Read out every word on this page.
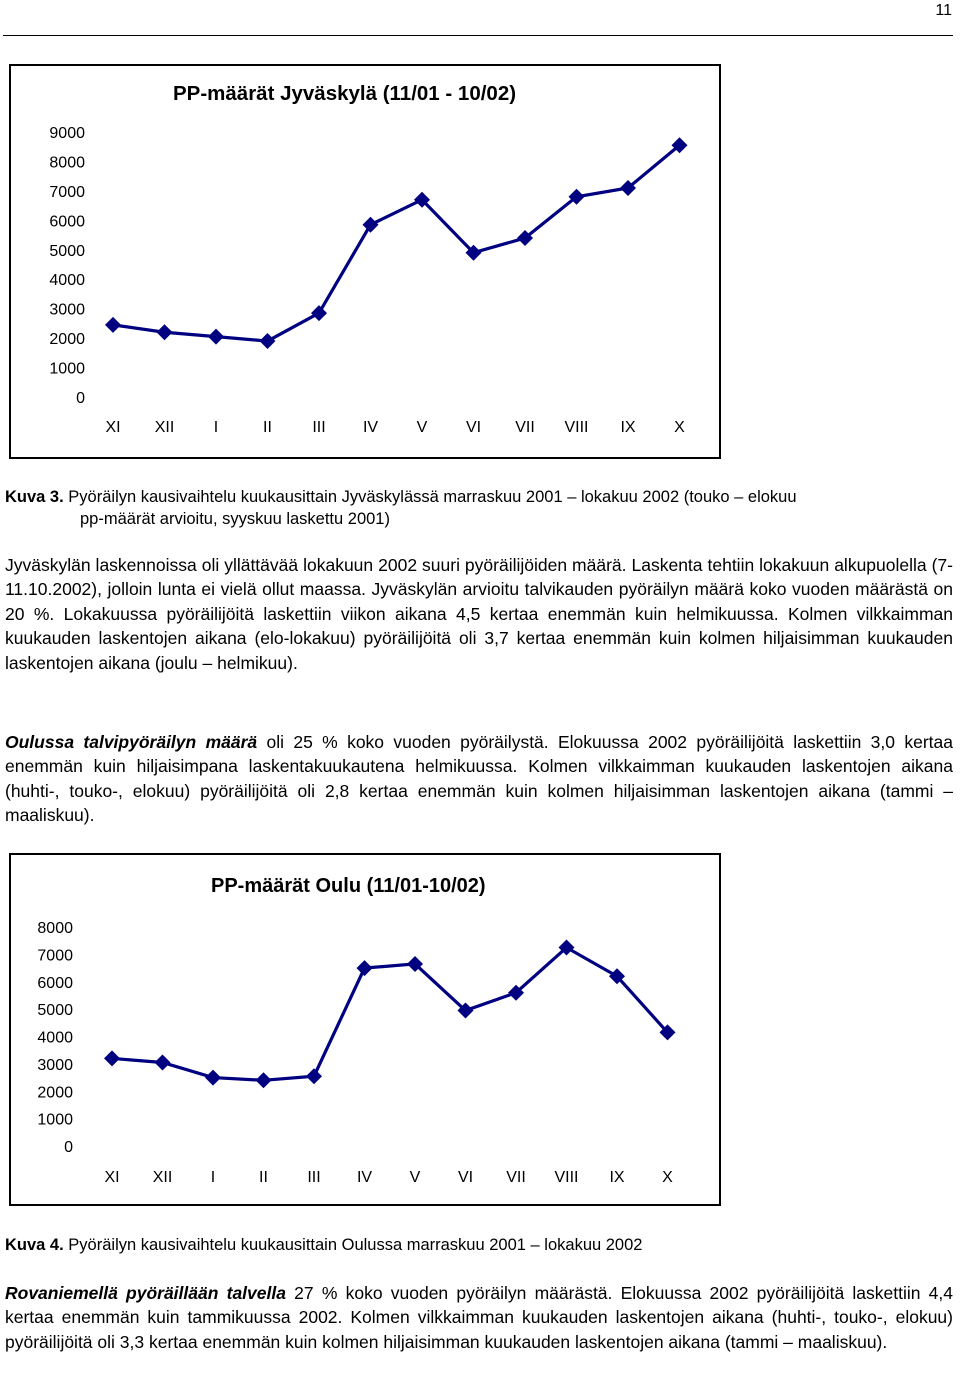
11
PP-määrät Jyväskylä (11/01 - 10/02)
0
1000
2000
3000
4000
5000
6000
7000
8000
9000
XI XII I	II	III IV V VI VII VIII IX X
Kuva 3. Pyöräilyn kausivaihtelu kuukausittain Jyväskylässä marraskuu 2001 – lokakuu 2002 (touko – elokuu
pp-määrät arvioitu, syyskuu laskettu 2001)

Jyväskylän laskennoissa oli yllättävää lokakuun 2002 suuri pyöräilijöiden määrä. Laskenta tehtiin lokakuun alkupuolella (7-11.10.2002), jolloin lunta ei vielä ollut maassa. Jyväskylän arvioitu talvikauden pyöräilyn määrä koko vuoden määrästä on 20 %. Lokakuussa pyöräilijöitä laskettiin viikon aikana 4,5 kertaa enemmän kuin helmikuussa. Kolmen vilkkaimman kuukauden laskentojen aikana (elo-lokakuu) pyöräilijöitä oli 3,7 kertaa enemmän kuin kolmen hiljaisimman kuukauden laskentojen aikana (joulu – helmikuu).

Oulussa talvipyöräilyn määrä oli 25 % koko vuoden pyöräilystä. Elokuussa 2002 pyöräilijöitä laskettiin 3,0 kertaa enemmän kuin hiljaisimpana laskentakuukautena helmikuussa. Kolmen vilkkaimman kuukauden laskentojen aikana (huhti-, touko-, elokuu) pyöräilijöitä oli 2,8 kertaa enemmän kuin kolmen hiljaisimman laskentojen aikana (tammi – maaliskuu).

PP-määrät Oulu (11/01-10/02)
0
1000
2000
3000
4000
5000
6000
7000
8000
XI XII I	II III IV V VI VII VIII IX X
Kuva 4. Pyöräilyn kausivaihtelu kuukausittain Oulussa marraskuu 2001 – lokakuu 2002

Rovaniemellä pyöräillään talvella 27 % koko vuoden pyöräilyn määrästä. Elokuussa 2002 pyöräilijöitä laskettiin 4,4 kertaa enemmän kuin tammikuussa 2002. Kolmen vilkkaimman kuukauden laskentojen aikana (huhti-, touko-, elokuu) pyöräilijöitä oli 3,3 kertaa enemmän kuin kolmen hiljaisimman kuukauden laskentojen aikana (tammi – maaliskuu).
